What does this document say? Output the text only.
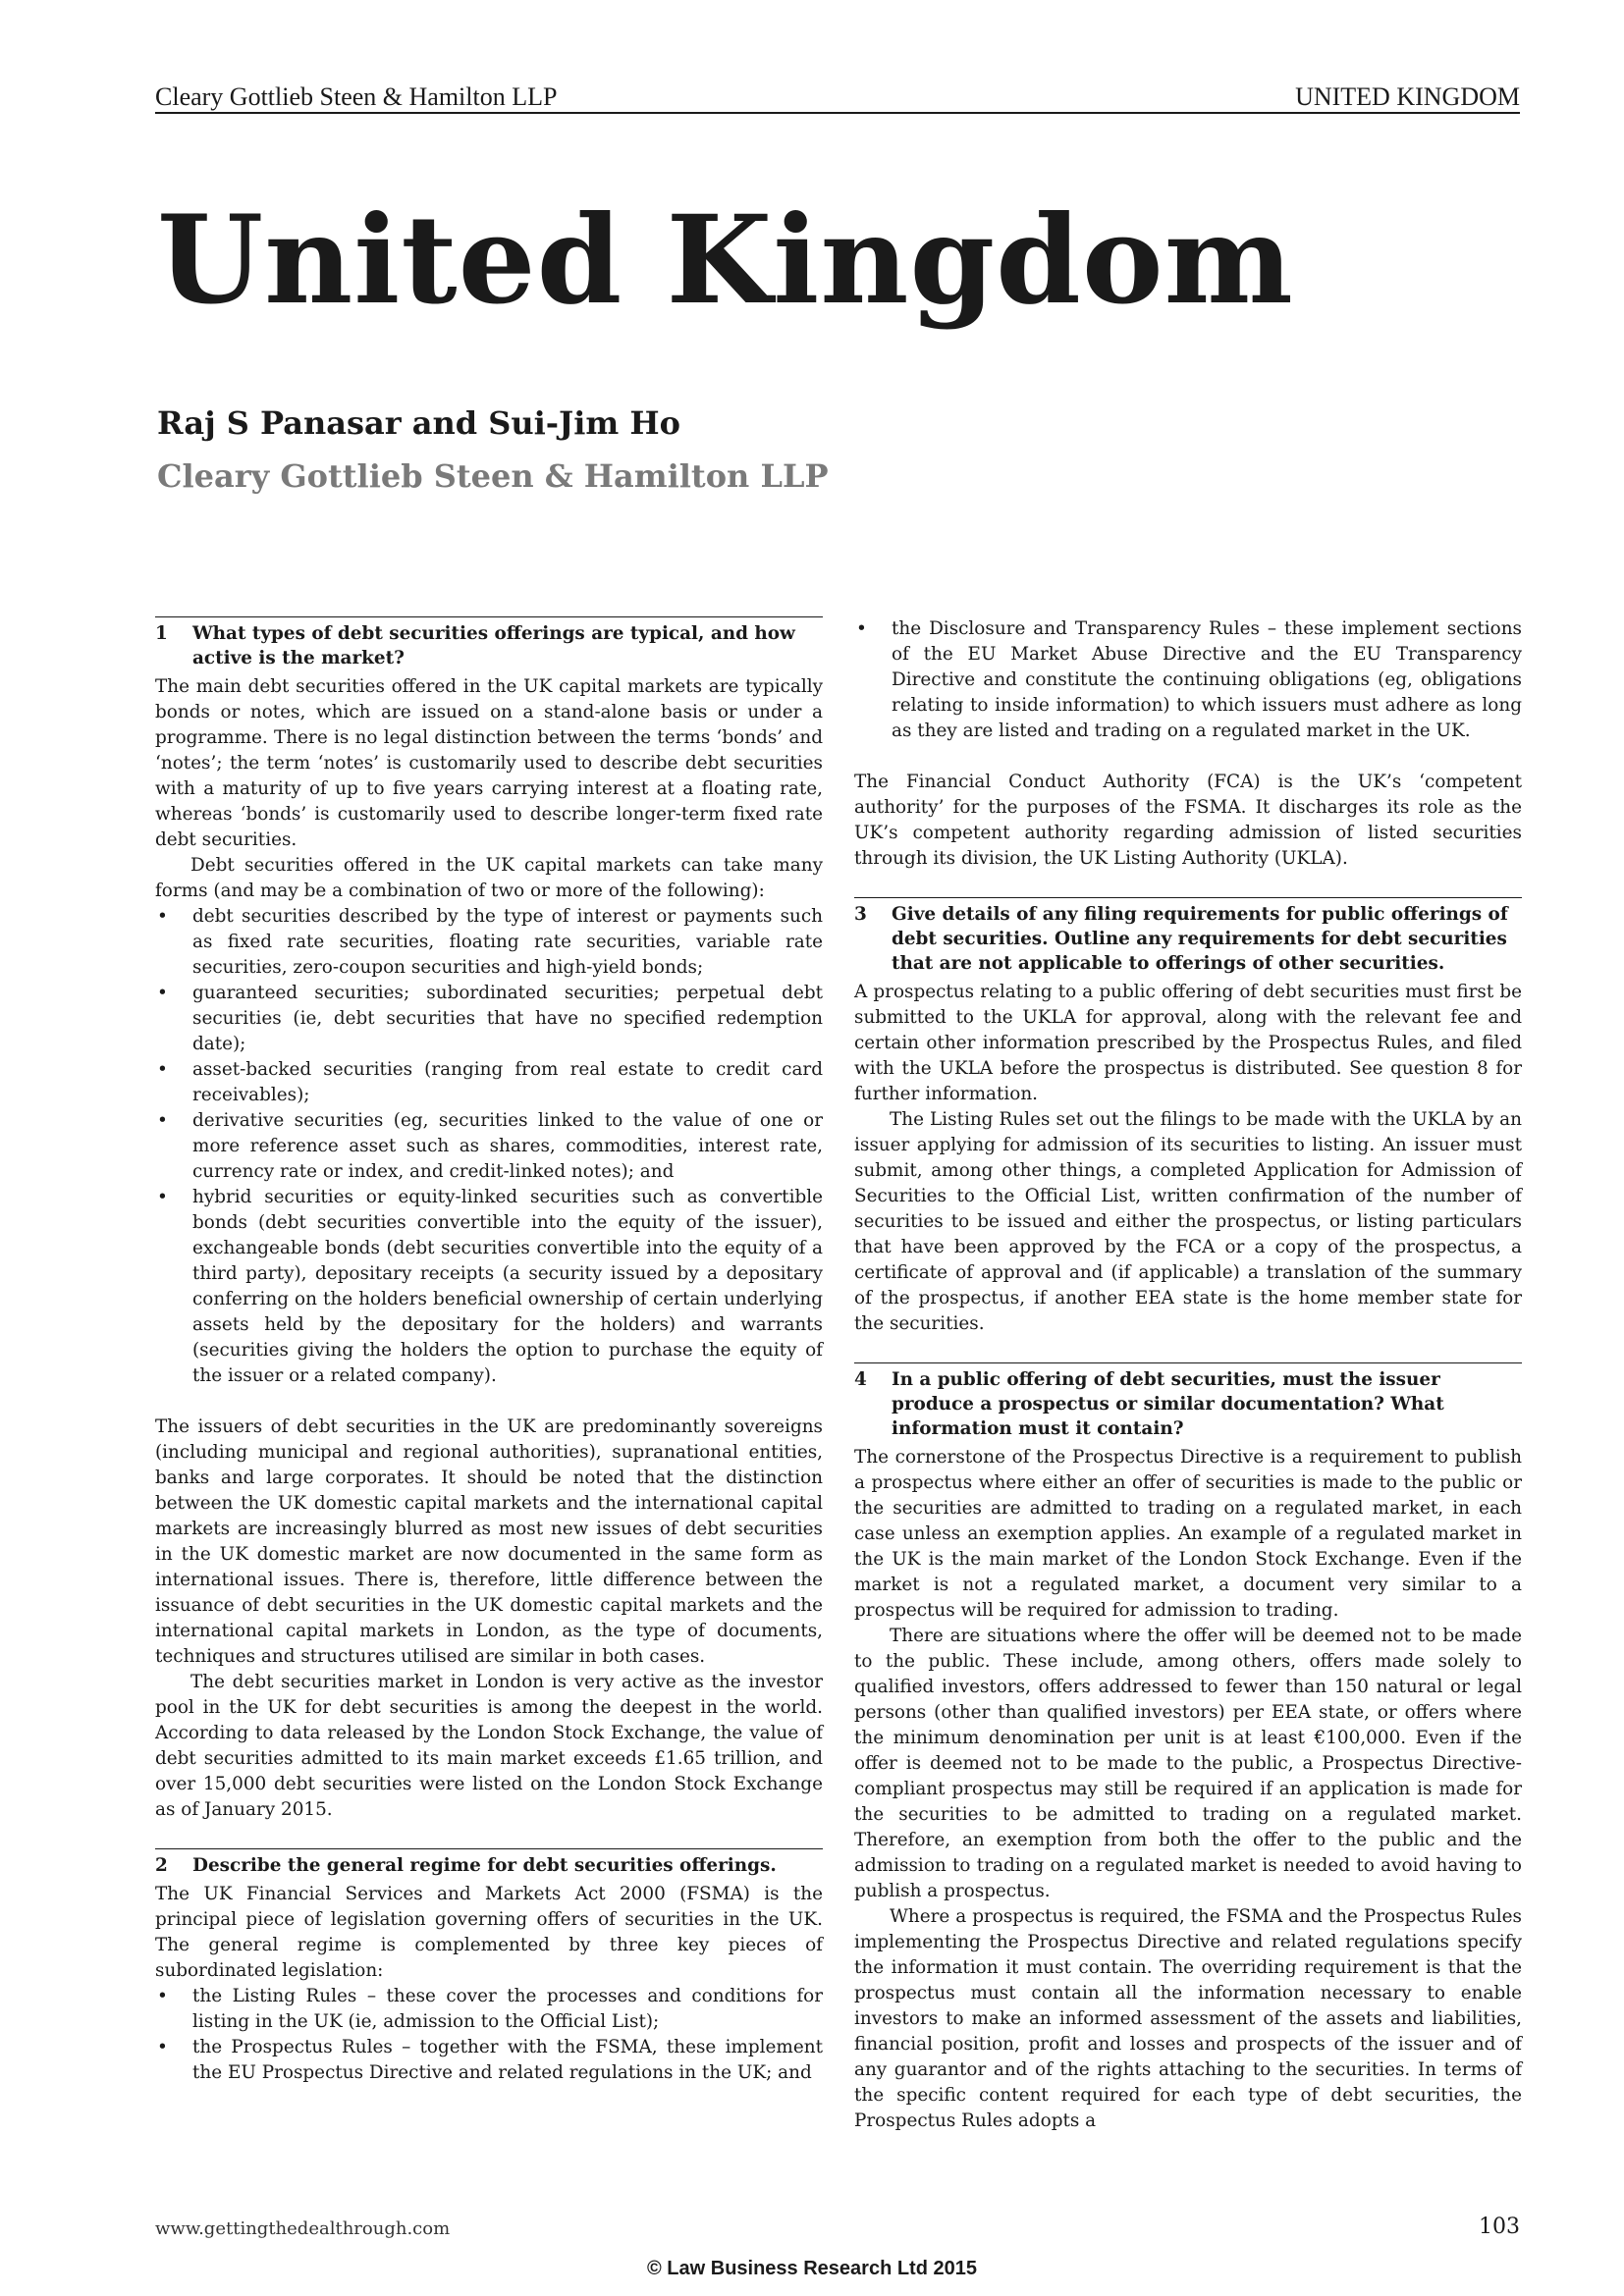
Cleary Gottlieb Steen & Hamilton LLP	UNITED KINGDOM
United Kingdom
Raj S Panasar and Sui-Jim Ho
Cleary Gottlieb Steen & Hamilton LLP
1	What types of debt securities offerings are typical, and how active is the market?

The main debt securities offered in the UK capital markets are typically bonds or notes, which are issued on a stand-alone basis or under a programme. There is no legal distinction between the terms ‘bonds’ and ‘notes’; the term ‘notes’ is customarily used to describe debt securities with a maturity of up to five years carrying interest at a floating rate, whereas ‘bonds’ is customarily used to describe longer-term fixed rate debt securities.

Debt securities offered in the UK capital markets can take many forms (and may be a combination of two or more of the following):

• debt securities described by the type of interest or payments such as fixed rate securities, floating rate securities, variable rate securities, zero-coupon securities and high-yield bonds;
• guaranteed securities; subordinated securities; perpetual debt securities (ie, debt securities that have no specified redemption date);
• asset-backed securities (ranging from real estate to credit card receivables);
• derivative securities (eg, securities linked to the value of one or more reference asset such as shares, commodities, interest rate, currency rate or index, and credit-linked notes); and
• hybrid securities or equity-linked securities such as convertible bonds (debt securities convertible into the equity of the issuer), exchangeable bonds (debt securities convertible into the equity of a third party), depositary receipts (a security issued by a depositary conferring on the holders beneficial ownership of certain underlying assets held by the depositary for the holders) and warrants (securities giving the holders the option to purchase the equity of the issuer or a related company).

The issuers of debt securities in the UK are predominantly sovereigns (including municipal and regional authorities), supranational entities, banks and large corporates. It should be noted that the distinction between the UK domestic capital markets and the international capital markets are increasingly blurred as most new issues of debt securities in the UK domestic market are now documented in the same form as international issues. There is, therefore, little difference between the issuance of debt securities in the UK domestic capital markets and the international capital markets in London, as the type of documents, techniques and structures utilised are similar in both cases.

The debt securities market in London is very active as the investor pool in the UK for debt securities is among the deepest in the world. According to data released by the London Stock Exchange, the value of debt securities admitted to its main market exceeds £1.65 trillion, and over 15,000 debt securities were listed on the London Stock Exchange as of January 2015.

2	Describe the general regime for debt securities offerings.

The UK Financial Services and Markets Act 2000 (FSMA) is the principal piece of legislation governing offers of securities in the UK. The general regime is complemented by three key pieces of subordinated legislation:

• the Listing Rules – these cover the processes and conditions for listing in the UK (ie, admission to the Official List);
• the Prospectus Rules – together with the FSMA, these implement the EU Prospectus Directive and related regulations in the UK; and
• the Disclosure and Transparency Rules – these implement sections of the EU Market Abuse Directive and the EU Transparency Directive and constitute the continuing obligations (eg, obligations relating to inside information) to which issuers must adhere as long as they are listed and trading on a regulated market in the UK.

The Financial Conduct Authority (FCA) is the UK’s ‘competent authority’ for the purposes of the FSMA. It discharges its role as the UK’s competent authority regarding admission of listed securities through its division, the UK Listing Authority (UKLA).

3	Give details of any filing requirements for public offerings of debt securities. Outline any requirements for debt securities that are not applicable to offerings of other securities.

A prospectus relating to a public offering of debt securities must first be submitted to the UKLA for approval, along with the relevant fee and certain other information prescribed by the Prospectus Rules, and filed with the UKLA before the prospectus is distributed. See question 8 for further information.

The Listing Rules set out the filings to be made with the UKLA by an issuer applying for admission of its securities to listing. An issuer must submit, among other things, a completed Application for Admission of Securities to the Official List, written confirmation of the number of securities to be issued and either the prospectus, or listing particulars that have been approved by the FCA or a copy of the prospectus, a certificate of approval and (if applicable) a translation of the summary of the prospectus, if another EEA state is the home member state for the securities.

4	In a public offering of debt securities, must the issuer produce a prospectus or similar documentation? What information must it contain?

The cornerstone of the Prospectus Directive is a requirement to publish a prospectus where either an offer of securities is made to the public or the securities are admitted to trading on a regulated market, in each case unless an exemption applies. An example of a regulated market in the UK is the main market of the London Stock Exchange. Even if the market is not a regulated market, a document very similar to a prospectus will be required for admission to trading.

There are situations where the offer will be deemed not to be made to the public. These include, among others, offers made solely to qualified investors, offers addressed to fewer than 150 natural or legal persons (other than qualified investors) per EEA state, or offers where the minimum denomination per unit is at least €100,000. Even if the offer is deemed not to be made to the public, a Prospectus Directive-compliant prospectus may still be required if an application is made for the securities to be admitted to trading on a regulated market. Therefore, an exemption from both the offer to the public and the admission to trading on a regulated market is needed to avoid having to publish a prospectus.

Where a prospectus is required, the FSMA and the Prospectus Rules implementing the Prospectus Directive and related regulations specify the information it must contain. The overriding requirement is that the prospectus must contain all the information necessary to enable investors to make an informed assessment of the assets and liabilities, financial position, profit and losses and prospects of the issuer and of any guarantor and of the rights attaching to the securities. In terms of the specific content required for each type of debt securities, the Prospectus Rules adopts a

www.gettingthedealthrough.com	103
© Law Business Research Ltd 2015
